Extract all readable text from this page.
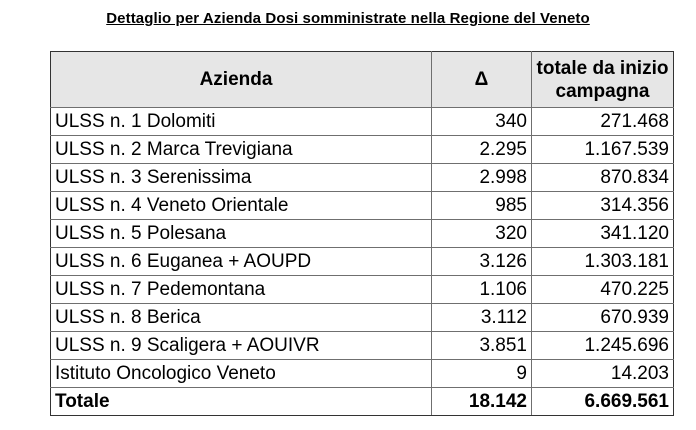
Dettaglio per Azienda Dosi somministrate nella Regione del Veneto
Azienda	Δ	totale da inizio campagna
ULSS n. 1 Dolomiti	340	271.468
ULSS n. 2 Marca Trevigiana	2.295	1.167.539
ULSS n. 3 Serenissima	2.998	870.834
ULSS n. 4 Veneto Orientale	985	314.356
ULSS n. 5 Polesana	320	341.120
ULSS n. 6 Euganea + AOUPD	3.126	1.303.181
ULSS n. 7 Pedemontana	1.106	470.225
ULSS n. 8 Berica	3.112	670.939
ULSS n. 9 Scaligera + AOUIVR	3.851	1.245.696
Istituto Oncologico Veneto	9	14.203
Totale	18.142	6.669.561
